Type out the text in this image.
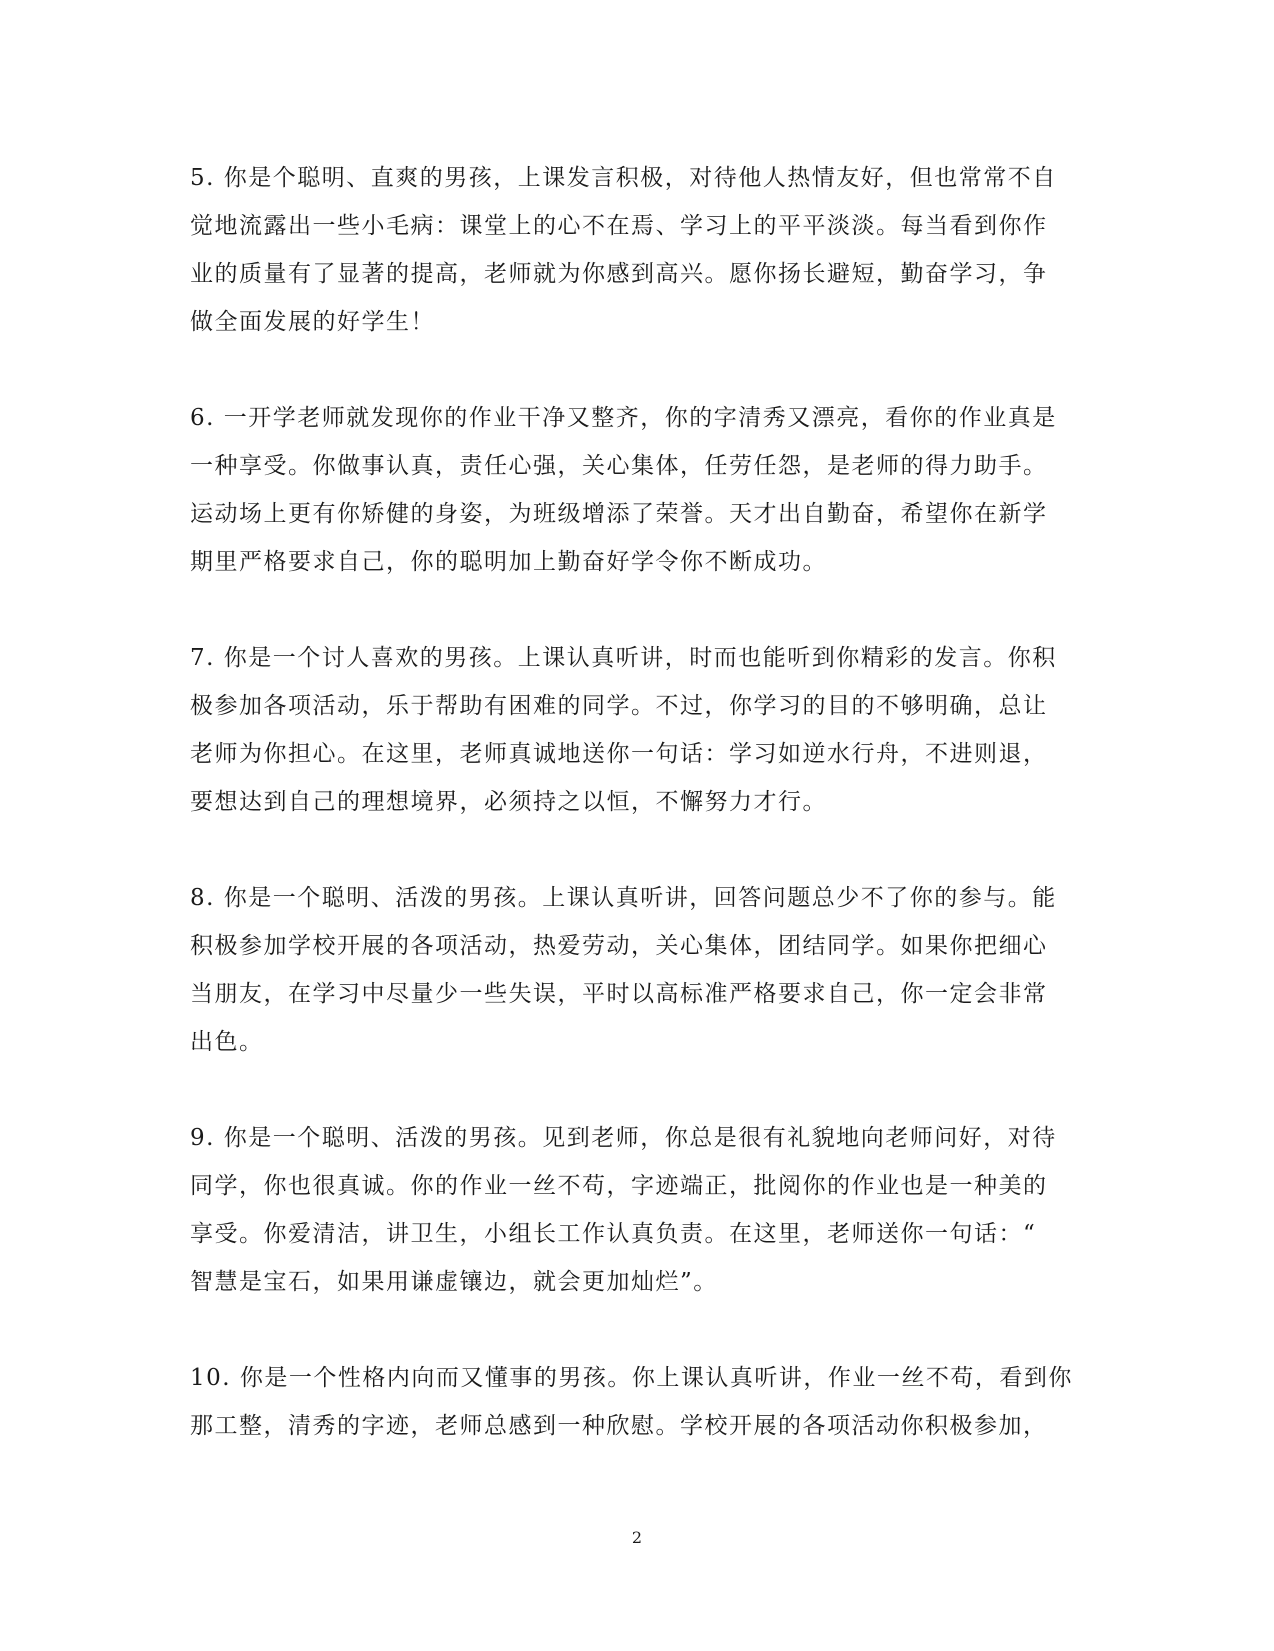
5. 你是个聪明、直爽的男孩，上课发言积极，对待他人热情友好，但也常常不自
觉地流露出一些小毛病：课堂上的心不在焉、学习上的平平淡淡。每当看到你作
业的质量有了显著的提高，老师就为你感到高兴。愿你扬长避短，勤奋学习，争
做全面发展的好学生！

6. 一开学老师就发现你的作业干净又整齐，你的字清秀又漂亮，看你的作业真是
一种享受。你做事认真，责任心强，关心集体，任劳任怨，是老师的得力助手。
运动场上更有你矫健的身姿，为班级增添了荣誉。天才出自勤奋，希望你在新学
期里严格要求自己，你的聪明加上勤奋好学令你不断成功。

7. 你是一个讨人喜欢的男孩。上课认真听讲，时而也能听到你精彩的发言。你积
极参加各项活动，乐于帮助有困难的同学。不过，你学习的目的不够明确，总让
老师为你担心。在这里，老师真诚地送你一句话：学习如逆水行舟，不进则退，
要想达到自己的理想境界，必须持之以恒，不懈努力才行。

8. 你是一个聪明、活泼的男孩。上课认真听讲，回答问题总少不了你的参与。能
积极参加学校开展的各项活动，热爱劳动，关心集体，团结同学。如果你把细心
当朋友，在学习中尽量少一些失误，平时以高标准严格要求自己，你一定会非常
出色。

9. 你是一个聪明、活泼的男孩。见到老师，你总是很有礼貌地向老师问好，对待
同学，你也很真诚。你的作业一丝不苟，字迹端正，批阅你的作业也是一种美的
享受。你爱清洁，讲卫生，小组长工作认真负责。在这里，老师送你一句话：“
智慧是宝石，如果用谦虚镶边，就会更加灿烂”。

10. 你是一个性格内向而又懂事的男孩。你上课认真听讲，作业一丝不苟，看到你
那工整，清秀的字迹，老师总感到一种欣慰。学校开展的各项活动你积极参加，

2
